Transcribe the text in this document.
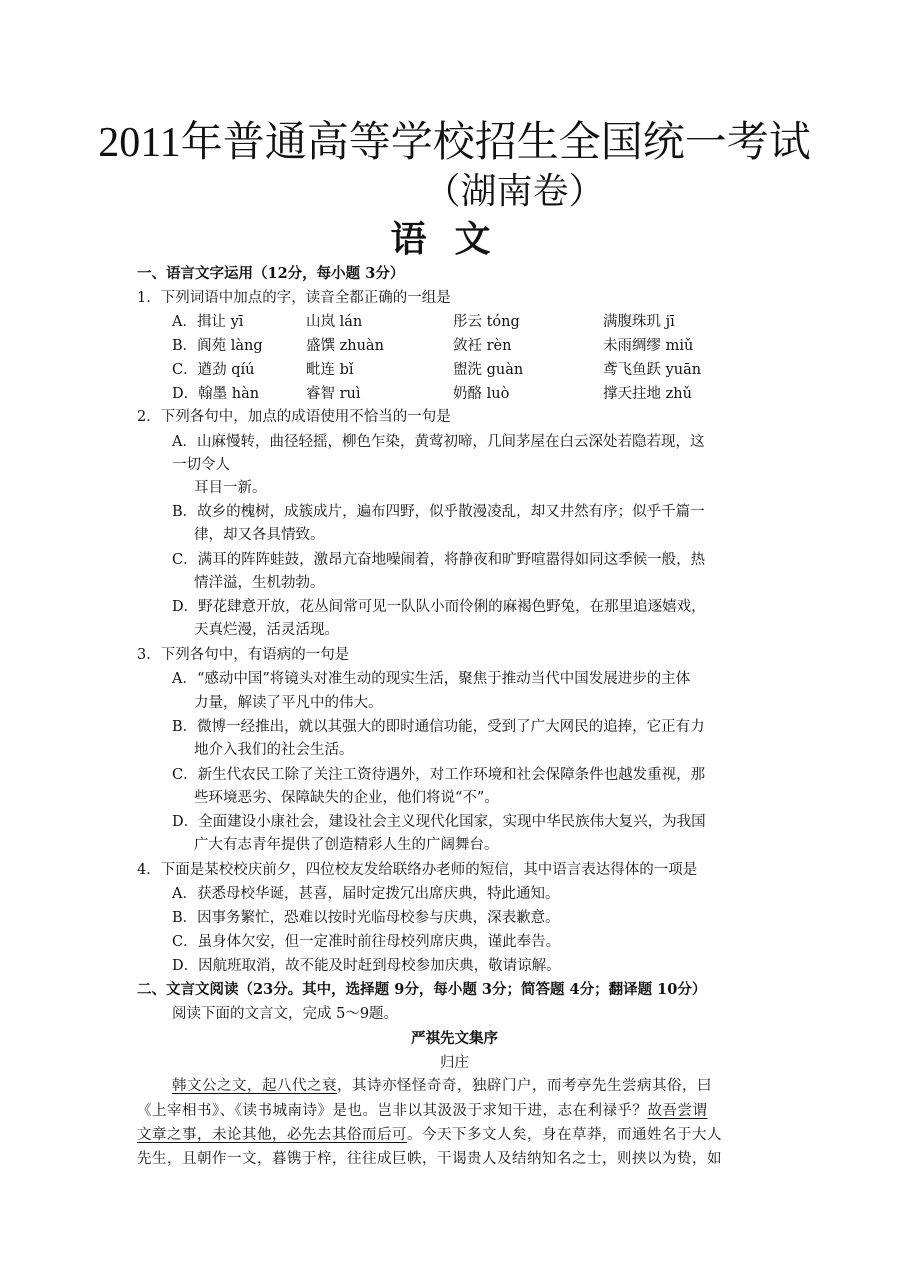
2011年普通高等学校招生全国统一考试
（湖南卷）
语文
一、语言文字运用（12分，每小题 3分）
1．下列词语中加点的字，读音全都正确的一组是
A．揖让 yī	山岚 lán	彤云 tóng	满腹珠玑 jī
B．阆苑 làng	盛馔 zhuàn	敛衽 rèn	未雨绸缪 miǔ
C．遒劲 qíú	毗连 bǐ	盥洗 guàn	鸢飞鱼跃 yuān
D．翰墨 hàn	睿智 ruì	奶酪 luò	撑天拄地 zhǔ
2．下列各句中，加点的成语使用不恰当的一句是
A．山麻慢转，曲径轻摇，柳色乍染，黄莺初啼，几间茅屋在白云深处若隐若现，这
一切令人
耳目一新。
B．故乡的槐树，成簇成片，遍布四野，似乎散漫凌乱，却又井然有序；似乎千篇一
律，却又各具情致。
C．满耳的阵阵蛙鼓，激昂亢奋地噪闹着，将静夜和旷野喧嚣得如同这季候一般，热
情洋溢，生机勃勃。
D．野花肆意开放，花丛间常可见一队队小而伶俐的麻褐色野兔，在那里追逐嬉戏，
天真烂漫，活灵活现。
3．下列各句中，有语病的一句是
A．“感动中国”将镜头对准生动的现实生活，聚焦于推动当代中国发展进步的主体
力量，解读了平凡中的伟大。
B．微博一经推出，就以其强大的即时通信功能，受到了广大网民的追捧，它正有力
地介入我们的社会生活。
C．新生代农民工除了关注工资待遇外，对工作环境和社会保障条件也越发重视，那
些环境恶劣、保障缺失的企业，他们将说“不”。
D．全面建设小康社会，建设社会主义现代化国家，实现中华民族伟大复兴，为我国
广大有志青年提供了创造精彩人生的广阔舞台。
4．下面是某校校庆前夕，四位校友发给联络办老师的短信，其中语言表达得体的一项是
A．获悉母校华诞，甚喜，届时定拨冗出席庆典，特此通知。
B．因事务繁忙，恐难以按时光临母校参与庆典，深表歉意。
C．虽身体欠安，但一定准时前往母校列席庆典，谨此奉告。
D．因航班取消，故不能及时赶到母校参加庆典，敬请谅解。
二、文言文阅读（23分。其中，选择题 9分，每小题 3分；简答题 4分；翻译题 10分）
阅读下面的文言文，完成 5～9题。
严祺先文集序
归庄
韩文公之文，起八代之衰，其诗亦怪怪奇奇，独辟门户，而考亭先生尝病其俗，曰
《上宰相书》、《读书城南诗》是也。岂非以其汲汲于求知干进，志在利禄乎？故吾尝谓
文章之事，未论其他，必先去其俗而后可。今天下多文人矣，身在草莽，而通姓名于大人
先生，且朝作一文，暮镌于梓，往往成巨帙，干谒贵人及结纳知名之士，则挟以为贽，如
